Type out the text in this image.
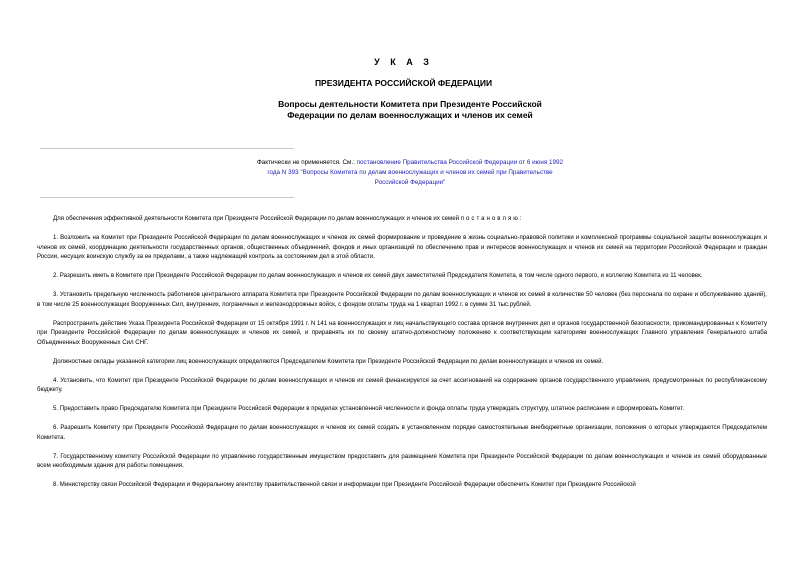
У К А З
ПРЕЗИДЕНТА РОССИЙСКОЙ ФЕДЕРАЦИИ
Вопросы деятельности Комитета при Президенте Российской Федерации по делам военнослужащих и членов их семей
Фактически не применяется. См.: постановление Правительства Российской Федерации от 6 июня 1992 года N 393 "Вопросы Комитета по делам военнослужащих и членов их семей при Правительстве Российской Федерации"

Для обеспечения эффективной деятельности Комитета при Президенте Российской Федерации по делам военнослужащих и членов их семей постановляю:

1. Возложить на Комитет при Президенте Российской Федерации по делам военнослужащих и членов их семей формирование и проведение в жизнь социально-правовой политики и комплексной программы социальной защиты военнослужащих и членов их семей, координацию деятельности государственных органов, общественных объединений, фондов и иных организаций по обеспечению прав и интересов военнослужащих и членов их семей на территории Российской Федерации и граждан России, несущих воинскую службу за ее пределами, а также надлежащий контроль за состоянием дел в этой области.

2. Разрешить иметь в Комитете при Президенте Российской Федерации по делам военнослужащих и членов их семей двух заместителей Председателя Комитета, в том числе одного первого, и коллегию Комитета из 11 человек.

3. Установить предельную численность работников центрального аппарата Комитета при Президенте Российской Федерации по делам военнослужащих и членов их семей в количестве 50 человек (без персонала по охране и обслуживанию зданий), в том числе 25 военнослужащих Вооруженных Сил, внутренних, пограничных и железнодорожных войск, с фондом оплаты труда на 1 квартал 1992 г. в сумме 31 тыс.рублей.

Распространить действие Указа Президента Российской Федерации от 15 октября 1991 г. N 141 на военнослужащих и лиц начальствующего состава органов внутренних дел и органов государственной безопасности, прикомандированных к Комитету при Президенте Российской Федерации по делам военнослужащих и членов их семей, и приравнять их по своему штатно-должностному положению к соответствующим категориям военнослужащих Главного управления Генерального штаба Объединенных Вооруженных Сил СНГ.

Должностные оклады указанной категории лиц военнослужащих определяются Председателем Комитета при Президенте Российской Федерации по делам военнослужащих и членов их семей.

4. Установить, что Комитет при Президенте Российской Федерации по делам военнослужащих и членов их семей финансируется за счет ассигнований на содержание органов государственного управления, предусмотренных по республиканскому бюджету.

5. Предоставить право Председателю Комитета при Президенте Российской Федерации в пределах установленной численности и фонда оплаты труда утверждать структуру, штатное расписание и сформировать Комитет.

6. Разрешить Комитету при Президенте Российской Федерации по делам военнослужащих и членов их семей создать в установленном порядке самостоятельные внебюджетные организации, положения о которых утверждаются Председателем Комитета.

7. Государственному комитету Российской Федерации по управлению государственным имуществом предоставить для размещения Комитета при Президенте Российской Федерации по делам военнослужащих и членов их семей оборудованные всем необходимым здания для работы помещения.

8. Министерству связи Российской Федерации и Федеральному агентству правительственной связи и информации при Президенте Российской Федерации обеспечить Комитет при Президенте Российской
